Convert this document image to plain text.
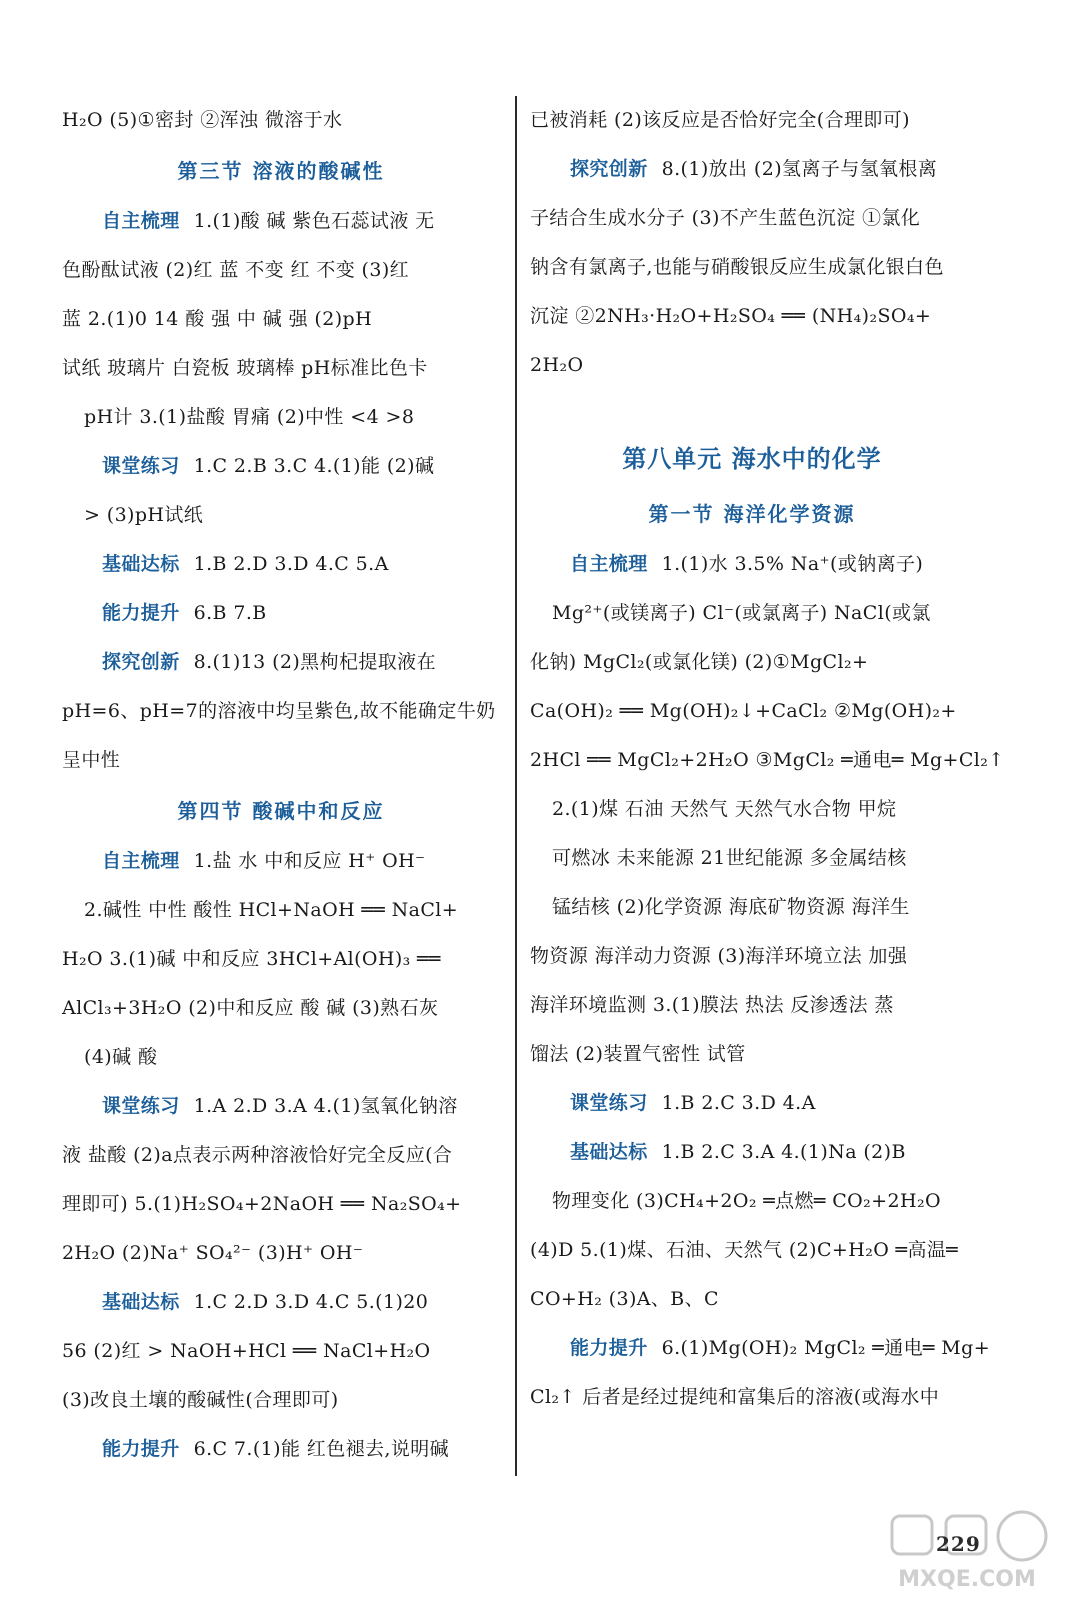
H₂O (5)①密封 ②浑浊 微溶于水
第三节 溶液的酸碱性
自主梳理 1.(1)酸 碱 紫色石蕊试液 无
色酚酞试液 (2)红 蓝 不变 红 不变 (3)红
蓝 2.(1)0 14 酸 强 中 碱 强 (2)pH
试纸 玻璃片 白瓷板 玻璃棒 pH标准比色卡
pH计 3.(1)盐酸 胃痛 (2)中性 <4 >8
课堂练习 1.C 2.B 3.C 4.(1)能 (2)碱
> (3)pH试纸
基础达标 1.B 2.D 3.D 4.C 5.A
能力提升 6.B 7.B
探究创新 8.(1)13 (2)黑枸杞提取液在
pH=6、pH=7的溶液中均呈紫色,故不能确定牛奶
呈中性
第四节 酸碱中和反应
自主梳理 1.盐 水 中和反应 H⁺ OH⁻
2.碱性 中性 酸性 HCl+NaOH ══ NaCl+
H₂O 3.(1)碱 中和反应 3HCl+Al(OH)₃ ══
AlCl₃+3H₂O (2)中和反应 酸 碱 (3)熟石灰
(4)碱 酸
课堂练习 1.A 2.D 3.A 4.(1)氢氧化钠溶
液 盐酸 (2)a点表示两种溶液恰好完全反应(合
理即可) 5.(1)H₂SO₄+2NaOH ══ Na₂SO₄+
2H₂O (2)Na⁺ SO₄²⁻ (3)H⁺ OH⁻
基础达标 1.C 2.D 3.D 4.C 5.(1)20
56 (2)红 > NaOH+HCl ══ NaCl+H₂O
(3)改良土壤的酸碱性(合理即可)
能力提升 6.C 7.(1)能 红色褪去,说明碱
已被消耗 (2)该反应是否恰好完全(合理即可)
探究创新 8.(1)放出 (2)氢离子与氢氧根离
子结合生成水分子 (3)不产生蓝色沉淀 ①氯化
钠含有氯离子,也能与硝酸银反应生成氯化银白色
沉淀 ②2NH₃·H₂O+H₂SO₄ ══ (NH₄)₂SO₄+
2H₂O
第八单元 海水中的化学
第一节 海洋化学资源
自主梳理 1.(1)水 3.5% Na⁺(或钠离子)
Mg²⁺(或镁离子) Cl⁻(或氯离子) NaCl(或氯
化钠) MgCl₂(或氯化镁) (2)①MgCl₂+
Ca(OH)₂ ══ Mg(OH)₂↓+CaCl₂ ②Mg(OH)₂+
2HCl ══ MgCl₂+2H₂O ③MgCl₂ ═通电═ Mg+Cl₂↑
2.(1)煤 石油 天然气 天然气水合物 甲烷
可燃冰 未来能源 21世纪能源 多金属结核
锰结核 (2)化学资源 海底矿物资源 海洋生
物资源 海洋动力资源 (3)海洋环境立法 加强
海洋环境监测 3.(1)膜法 热法 反渗透法 蒸
馏法 (2)装置气密性 试管
课堂练习 1.B 2.C 3.D 4.A
基础达标 1.B 2.C 3.A 4.(1)Na (2)B
物理变化 (3)CH₄+2O₂ ═点燃═ CO₂+2H₂O
(4)D 5.(1)煤、石油、天然气 (2)C+H₂O ═高温═
CO+H₂ (3)A、B、C
能力提升 6.(1)Mg(OH)₂ MgCl₂ ═通电═ Mg+
Cl₂↑ 后者是经过提纯和富集后的溶液(或海水中
MXQE.COM
229
